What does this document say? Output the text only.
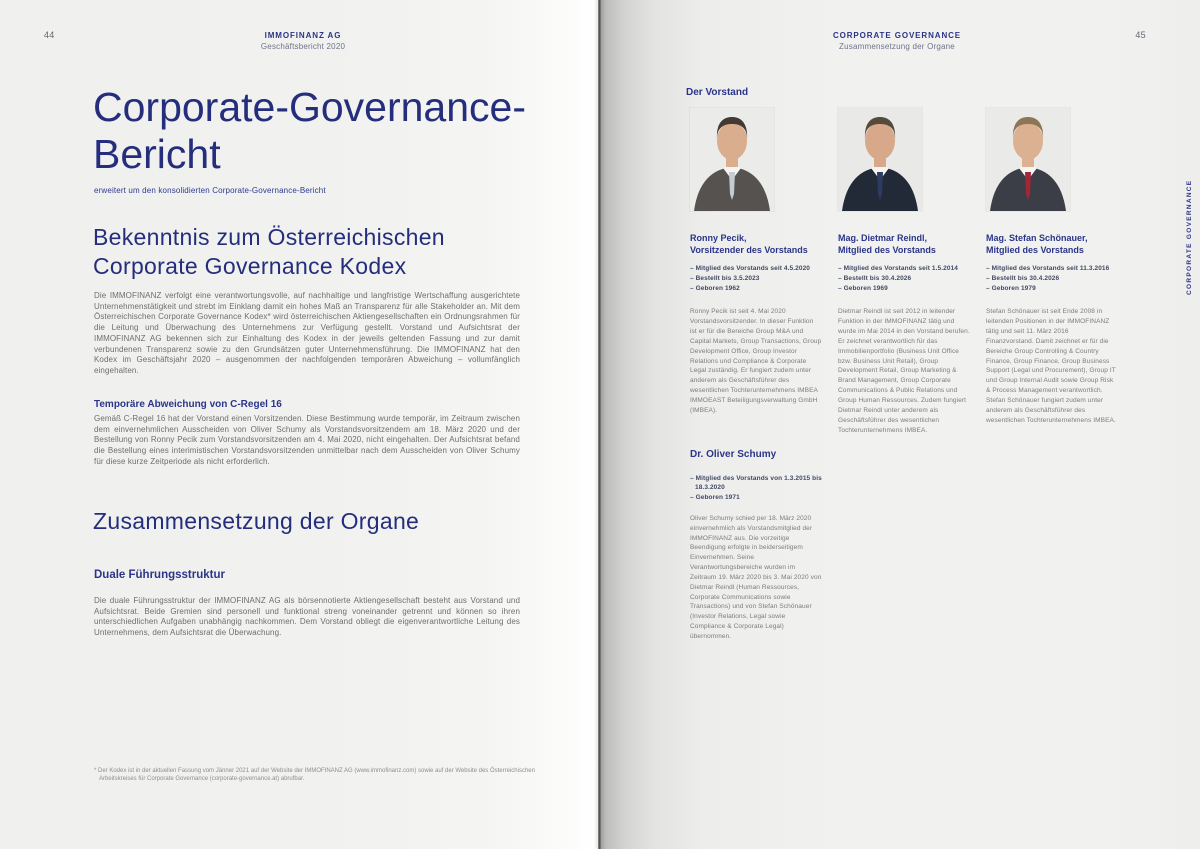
44	IMMOFINANZ AG
Geschäftsbericht 2020
Corporate-Governance-Bericht
erweitert um den konsolidierten Corporate-Governance-Bericht
Bekenntnis zum Österreichischen Corporate Governance Kodex

Die IMMOFINANZ verfolgt eine verantwortungsvolle, auf nachhaltige und langfristige Wertschaffung ausgerichtete Unternehmenstätigkeit und strebt im Einklang damit ein hohes Maß an Transparenz für alle Stakeholder an. Mit dem Österreichischen Corporate Governance Kodex* wird österreichischen Aktiengesellschaften ein Ordnungsrahmen für die Leitung und Überwachung des Unternehmens zur Verfügung gestellt. Vorstand und Aufsichtsrat der IMMOFINANZ AG bekennen sich zur Einhaltung des Kodex in der jeweils geltenden Fassung und zur damit verbundenen Transparenz sowie zu den Grundsätzen guter Unternehmensführung. Die IMMOFINANZ hat den Kodex im Geschäftsjahr 2020 – ausgenommen der nachfolgenden temporären Abweichung – vollumfänglich eingehalten.

Temporäre Abweichung von C-Regel 16

Gemäß C-Regel 16 hat der Vorstand einen Vorsitzenden. Diese Bestimmung wurde temporär, im Zeitraum zwischen dem einvernehmlichen Ausscheiden von Oliver Schumy als Vorstandsvorsitzendem am 18. März 2020 und der Bestellung von Ronny Pecik zum Vorstandsvorsitzenden am 4. Mai 2020, nicht eingehalten. Der Aufsichtsrat befand die Bestellung eines interimistischen Vorstandsvorsitzenden unmittelbar nach dem Ausscheiden von Oliver Schumy für diese kurze Zeitperiode als nicht erforderlich.

Zusammensetzung der Organe
Duale Führungsstruktur

Die duale Führungsstruktur der IMMOFINANZ AG als börsennotierte Aktiengesellschaft besteht aus Vorstand und Aufsichtsrat. Beide Gremien sind personell und funktional streng voneinander getrennt und können so ihren unterschiedlichen Aufgaben unabhängig nachkommen. Dem Vorstand obliegt die eigenverantwortliche Leitung des Unternehmens, dem Aufsichtsrat die Überwachung.

* Der Kodex ist in der aktuellen Fassung vom Jänner 2021 auf der Website der IMMOFINANZ AG (www.immofinanz.com) sowie auf der Website des Österreichischen Arbeitskreises für Corporate Governance (corporate-governance.at) abrufbar.
CORPORATE GOVERNANCE
Zusammensetzung der Organe
45
Der Vorstand
Ronny Pecik,
Vorsitzender des Vorstands
– Mitglied des Vorstands seit 4.5.2020
– Bestellt bis 3.5.2023
– Geboren 1962

Ronny Pecik ist seit 4. Mai 2020 Vorstandsvorsitzender. In dieser Funktion ist er für die Bereiche Group M&A und Capital Markets, Group Transactions, Group Development Office, Group Investor Relations und Compliance & Corporate Legal zuständig. Er fungiert zudem unter anderem als Geschäftsführer des wesentlichen Tochterunternehmens IMBEA IMMOEAST Beteiligungsverwaltung GmbH (IMBEA).

Mag. Dietmar Reindl,
Mitglied des Vorstands
– Mitglied des Vorstands seit 1.5.2014
– Bestellt bis 30.4.2026
– Geboren 1969

Dietmar Reindl ist seit 2012 in leitender Funktion in der IMMOFINANZ tätig und wurde im Mai 2014 in den Vorstand berufen. Er zeichnet verantwortlich für das Immobilienportfolio (Business Unit Office bzw. Business Unit Retail), Group Development Retail, Group Marketing & Brand Management, Group Corporate Communications & Public Relations und Group Human Ressources. Zudem fungiert Dietmar Reindl unter anderem als Geschäftsführer des wesentlichen Tochterunternehmens IMBEA.

Mag. Stefan Schönauer,
Mitglied des Vorstands
– Mitglied des Vorstands seit 11.3.2016
– Bestellt bis 30.4.2026
– Geboren 1979

Stefan Schönauer ist seit Ende 2008 in leitenden Positionen in der IMMOFINANZ tätig und seit 11. März 2016 Finanzvorstand. Damit zeichnet er für die Bereiche Group Controlling & Country Finance, Group Finance, Group Business Support (Legal und Procurement), Group IT und Group Internal Audit sowie Group Risk & Process Management verantwortlich. Stefan Schönauer fungiert zudem unter anderem als Geschäftsführer des wesentlichen Tochterunternehmens IMBEA.

Dr. Oliver Schumy
– Mitglied des Vorstands von 1.3.2015 bis 18.3.2020
– Geboren 1971

Oliver Schumy schied per 18. März 2020 einvernehmlich als Vorstandsmitglied der IMMOFINANZ aus. Die vorzeitige Beendigung erfolgte in beiderseitigem Einvernehmen. Seine Verantwortungsbereiche wurden im Zeitraum 19. März 2020 bis 3. Mai 2020 von Dietmar Reindl (Human Ressources, Corporate Communications sowie Transactions) und von Stefan Schönauer (Investor Relations, Legal sowie Compliance & Corporate Legal) übernommen.

CORPORATE GOVERNANCE
